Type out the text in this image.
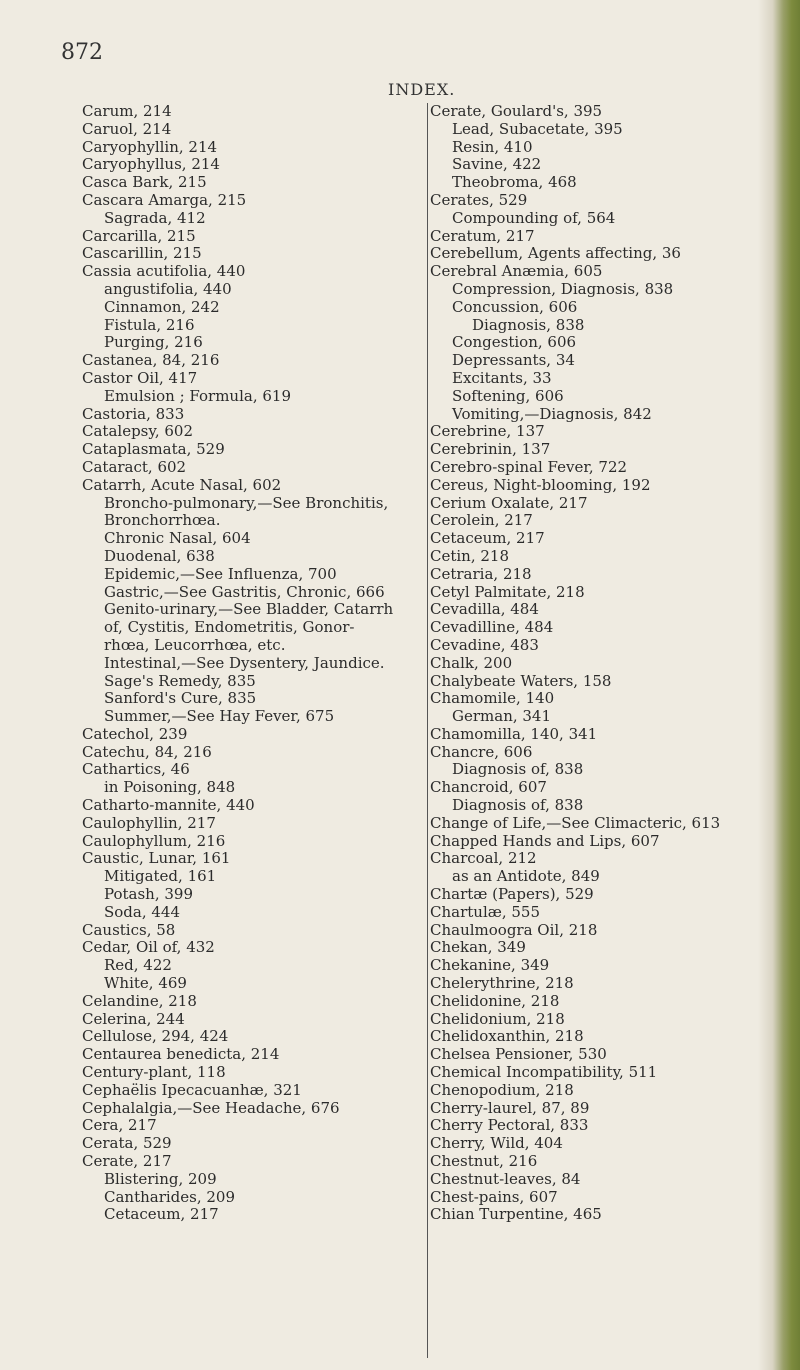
872
INDEX.
Carum, 214
Caruol, 214
Caryophyllin, 214
Caryophyllus, 214
Casca Bark, 215
Cascara Amarga, 215
Sagrada, 412
Carcarilla, 215
Cascarillin, 215
Cassia acutifolia, 440
angustifolia, 440
Cinnamon, 242
Fistula, 216
Purging, 216
Castanea, 84, 216
Castor Oil, 417
Emulsion ; Formula, 619
Castoria, 833
Catalepsy, 602
Cataplasmata, 529
Cataract, 602
Catarrh, Acute Nasal, 602
Broncho-pulmonary,—See Bronchitis,
Bronchorrhœa.
Chronic Nasal, 604
Duodenal, 638
Epidemic,—See Influenza, 700
Gastric,—See Gastritis, Chronic, 666
Genito-urinary,—See Bladder, Catarrh
of, Cystitis, Endometritis, Gonor-
rhœa, Leucorrhœa, etc.
Intestinal,—See Dysentery, Jaundice.
Sage's Remedy, 835
Sanford's Cure, 835
Summer,—See Hay Fever, 675
Catechol, 239
Catechu, 84, 216
Cathartics, 46
in Poisoning, 848
Catharto-mannite, 440
Caulophyllin, 217
Caulophyllum, 216
Caustic, Lunar, 161
Mitigated, 161
Potash, 399
Soda, 444
Caustics, 58
Cedar, Oil of, 432
Red, 422
White, 469
Celandine, 218
Celerina, 244
Cellulose, 294, 424
Centaurea benedicta, 214
Century-plant, 118
Cephaëlis Ipecacuanhæ, 321
Cephalalgia,—See Headache, 676
Cera, 217
Cerata, 529
Cerate, 217
Blistering, 209
Cantharides, 209
Cetaceum, 217
Cerate, Goulard's, 395
Lead, Subacetate, 395
Resin, 410
Savine, 422
Theobroma, 468
Cerates, 529
Compounding of, 564
Ceratum, 217
Cerebellum, Agents affecting, 36
Cerebral Anæmia, 605
Compression, Diagnosis, 838
Concussion, 606
Diagnosis, 838
Congestion, 606
Depressants, 34
Excitants, 33
Softening, 606
Vomiting,—Diagnosis, 842
Cerebrine, 137
Cerebrinin, 137
Cerebro-spinal Fever, 722
Cereus, Night-blooming, 192
Cerium Oxalate, 217
Cerolein, 217
Cetaceum, 217
Cetin, 218
Cetraria, 218
Cetyl Palmitate, 218
Cevadilla, 484
Cevadilline, 484
Cevadine, 483
Chalk, 200
Chalybeate Waters, 158
Chamomile, 140
German, 341
Chamomilla, 140, 341
Chancre, 606
Diagnosis of, 838
Chancroid, 607
Diagnosis of, 838
Change of Life,—See Climacteric, 613
Chapped Hands and Lips, 607
Charcoal, 212
as an Antidote, 849
Chartæ (Papers), 529
Chartulæ, 555
Chaulmoogra Oil, 218
Chekan, 349
Chekanine, 349
Chelerythrine, 218
Chelidonine, 218
Chelidonium, 218
Chelidoxanthin, 218
Chelsea Pensioner, 530
Chemical Incompatibility, 511
Chenopodium, 218
Cherry-laurel, 87, 89
Cherry Pectoral, 833
Cherry, Wild, 404
Chestnut, 216
Chestnut-leaves, 84
Chest-pains, 607
Chian Turpentine, 465
